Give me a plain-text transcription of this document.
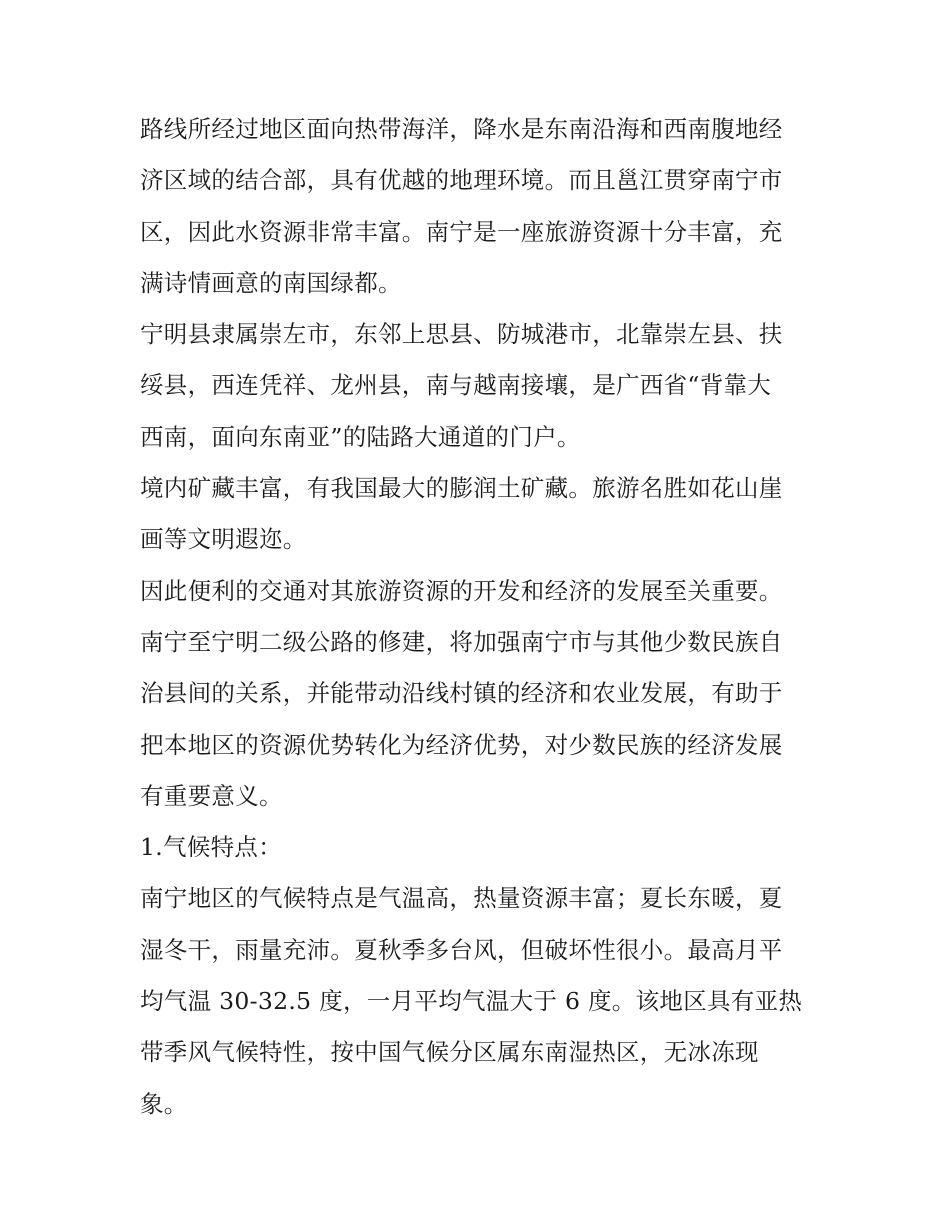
路线所经过地区面向热带海洋，降水是东南沿海和西南腹地经
济区域的结合部，具有优越的地理环境。而且邕江贯穿南宁市
区，因此水资源非常丰富。南宁是一座旅游资源十分丰富，充
满诗情画意的南国绿都。
宁明县隶属崇左市，东邻上思县、防城港市，北靠崇左县、扶
绥县，西连凭祥、龙州县，南与越南接壤，是广西省“背靠大
西南，面向东南亚”的陆路大通道的门户。
境内矿藏丰富，有我国最大的膨润土矿藏。旅游名胜如花山崖
画等文明遐迩。
因此便利的交通对其旅游资源的开发和经济的发展至关重要。
南宁至宁明二级公路的修建，将加强南宁市与其他少数民族自
治县间的关系，并能带动沿线村镇的经济和农业发展，有助于
把本地区的资源优势转化为经济优势，对少数民族的经济发展
有重要意义。
1.气候特点：
南宁地区的气候特点是气温高，热量资源丰富；夏长东暖，夏
湿冬干，雨量充沛。夏秋季多台风，但破坏性很小。最高月平
均气温 30-32.5 度，一月平均气温大于 6 度。该地区具有亚热
带季风气候特性，按中国气候分区属东南湿热区，无冰冻现
象。
